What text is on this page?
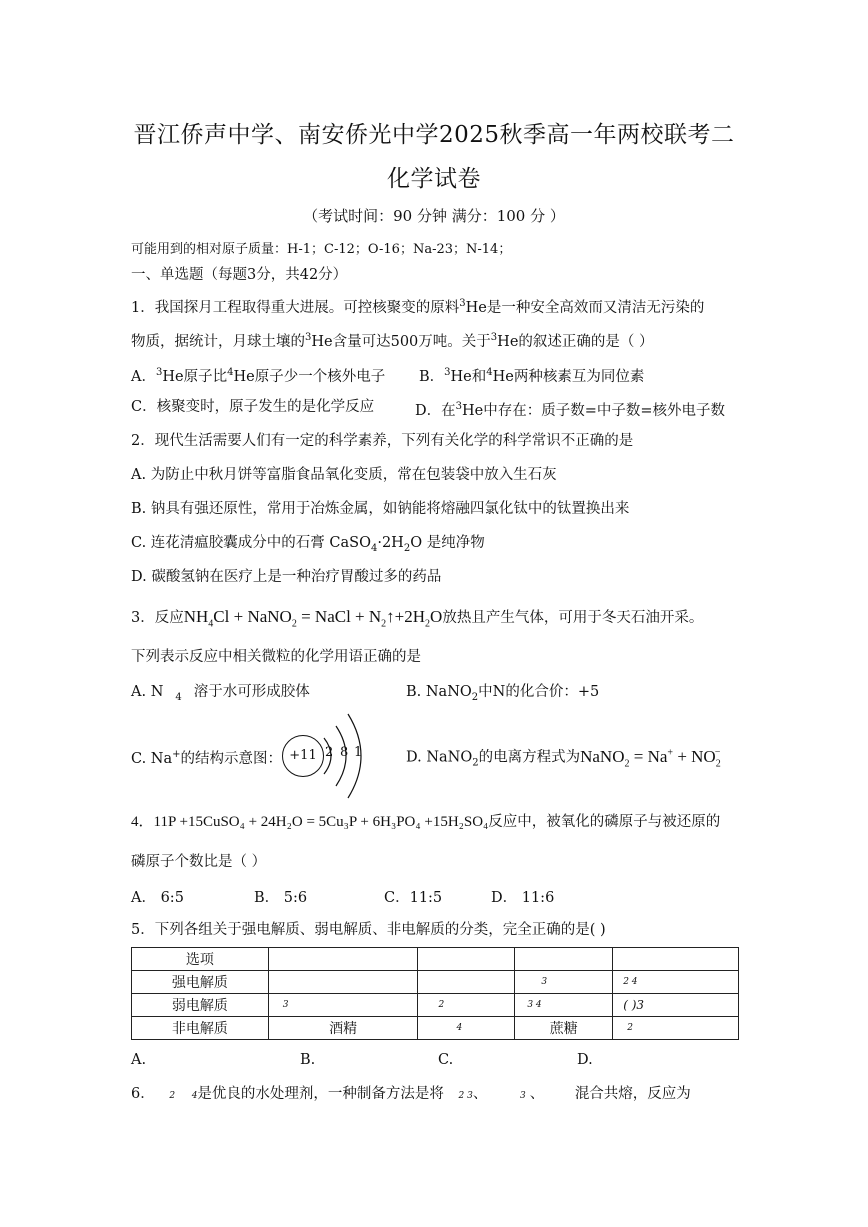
晋江侨声中学、南安侨光中学2025秋季高一年两校联考二
化学试卷
（考试时间：90 分钟 满分：100 分 ）
可能用到的相对原子质量：H-1；C-12；O-16；Na-23；N-14；
一、单选题（每题3分，共42分）
1．我国探月工程取得重大进展。可控核聚变的原料$^3$He是一种安全高效而又清洁无污染的
物质，据统计，月球土壤的$^3$He含量可达500万吨。关于$^3$He的叙述正确的是（ ）
A．$^3$He原子比$^4$He原子少一个核外电子 B．$^3$He和$^4$He两种核素互为同位素
C．核聚变时，原子发生的是化学反应	D．在$^3$He中存在：质子数=中子数=核外电子数
2．现代生活需要人们有一定的科学素养，下列有关化学的科学常识不正确的是
A. 为防止中秋月饼等富脂食品氧化变质，常在包装袋中放入生石灰
B. 钠具有强还原性，常用于冶炼金属，如钠能将熔融四氯化钛中的钛置换出来
C. 连花清瘟胶囊成分中的石膏 $CaSO_4\cdot 2H_2O$ 是纯净物
D. 碳酸氢钠在医疗上是一种治疗胃酸过多的药品
3．反应$NH_4Cl$ + NaNO$_2$ = NaCl + $N_2↑+2H_2O$放热且产生气体，可用于冬天石油开采。
下列表示反应中相关微粒的化学用语正确的是
A. N $_4$ 溶于水可形成胶体	B. NaNO$_2$中N的化合价：+5
C. Na+的结构示意图： +11 2 8 1	D. NaNO$_2$的电离方程式为NaNO$_2$ = $Na^+ + NO_2^-$
4．11P +15CuSO₄ + 24H₂O = 5Cu₃P + 6H₃PO₄ +15H₂SO₄反应中，被氧化的磷原子与被还原的
磷原子个数比是（ ）
A． 6:5	B． 5:6	C．11:5	D． 11:6
5．下列各组关于强电解质、弱电解质、非电解质的分类，完全正确的是( )
选项				
强电解质			3	2 4
弱电解质	3	2	3 4	( )3
非电解质	酒精	4	蔗糖	2
A.	B.	C.	D.
6． 2 4是优良的水处理剂，一种制备方法是将 2 3、	3 、 混合共熔，反应为
